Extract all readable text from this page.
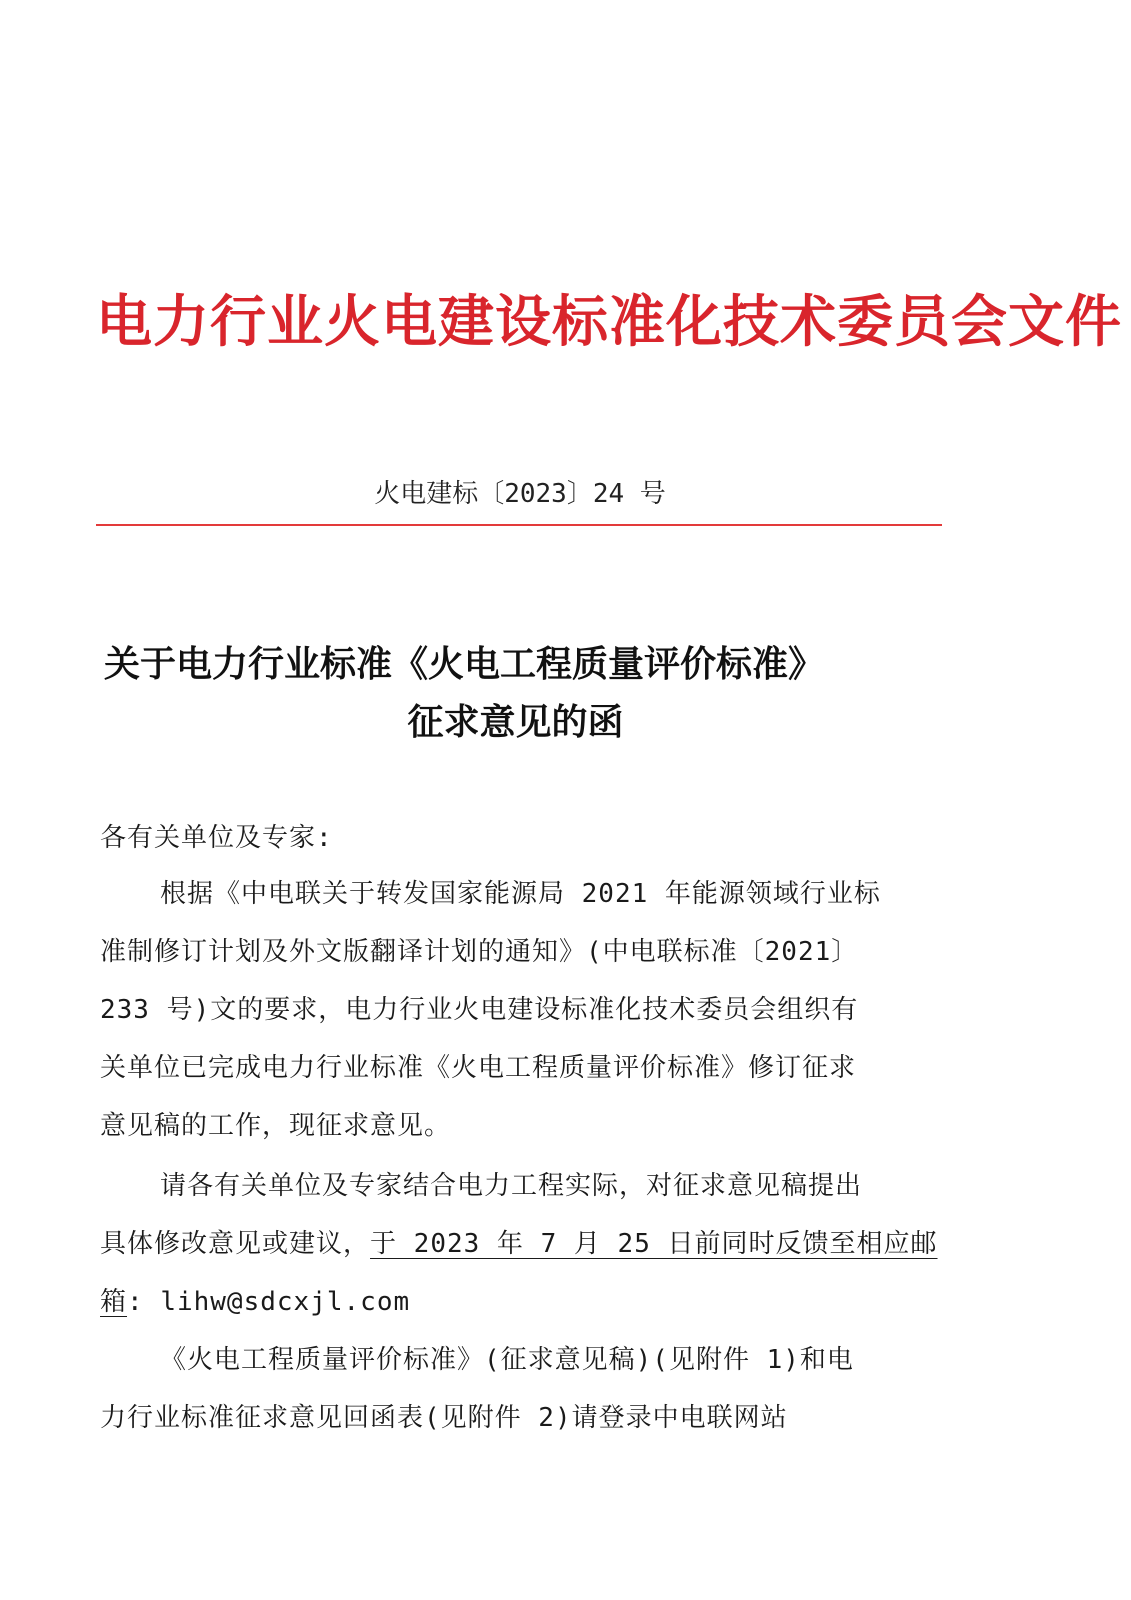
电力行业火电建设标准化技术委员会文件
火电建标〔2023〕24 号
关于电力行业标准《火电工程质量评价标准》
征求意见的函
各有关单位及专家:
根据《中电联关于转发国家能源局 2021 年能源领域行业标
准制修订计划及外文版翻译计划的通知》(中电联标准〔2021〕
233 号)文的要求，电力行业火电建设标准化技术委员会组织有
关单位已完成电力行业标准《火电工程质量评价标准》修订征求
意见稿的工作，现征求意见。
请各有关单位及专家结合电力工程实际，对征求意见稿提出
具体修改意见或建议，于 2023 年 7 月 25 日前同时反馈至相应邮
箱: lihw@sdcxjl.com
《火电工程质量评价标准》(征求意见稿)(见附件 1)和电
力行业标准征求意见回函表(见附件 2)请登录中电联网站
